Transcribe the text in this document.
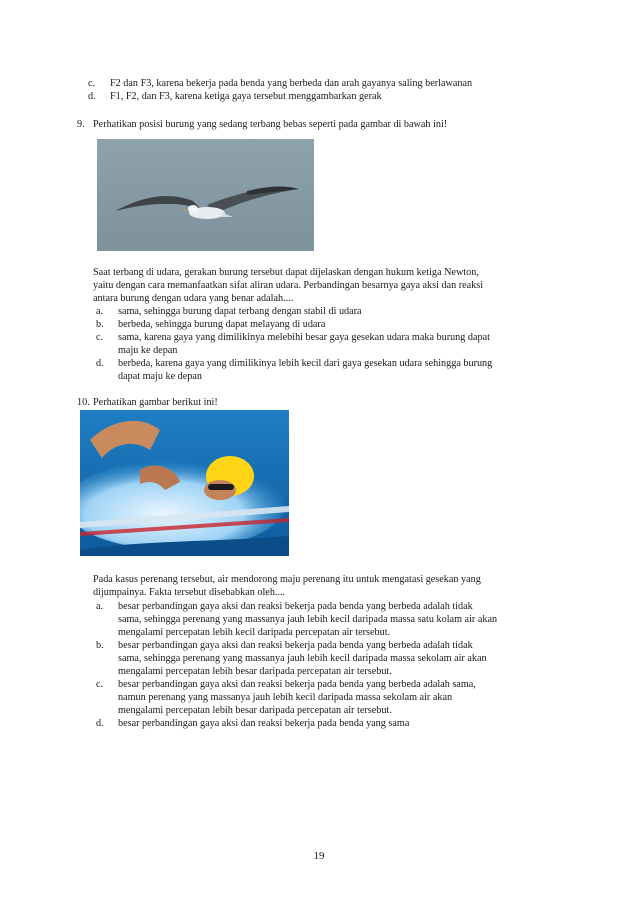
c. F2 dan F3, karena bekerja pada benda yang berbeda dan arah gayanya saling berlawanan
d. F1, F2, dan F3, karena ketiga gaya tersebut menggambarkan gerak
9. Perhatikan posisi burung yang sedang terbang bebas seperti pada gambar di bawah ini!
Saat terbang di udara, gerakan burung tersebut dapat dijelaskan dengan hukum ketiga Newton,
yaitu dengan cara memanfaatkan sifat aliran udara. Perbandingan besarnya gaya aksi dan reaksi
antara burung dengan udara yang benar adalah....
a. sama, sehingga burung dapat terbang dengan stabil di udara
b. berbeda, sehingga burung dapat melayang di udara
c. sama, karena gaya yang dimilikinya melebihi besar gaya gesekan udara maka burung dapat
maju ke depan
d. berbeda, karena gaya yang dimilikinya lebih kecil dari gaya gesekan udara sehingga burung
dapat maju ke depan
10. Perhatikan gambar berikut ini!
Pada kasus perenang tersebut, air mendorong maju perenang itu untuk mengatasi gesekan yang
dijumpainya. Fakta tersebut disebabkan oleh....
a. besar perbandingan gaya aksi dan reaksi bekerja pada benda yang berbeda adalah tidak
sama, sehingga perenang yang massanya jauh lebih kecil daripada massa satu kolam air akan
mengalami percepatan lebih kecil daripada percepatan air tersebut.
b. besar perbandingan gaya aksi dan reaksi bekerja pada benda yang berbeda adalah tidak
sama, sehingga perenang yang massanya jauh lebih kecil daripada massa sekolam air akan
mengalami percepatan lebih besar daripada percepatan air tersebut.
c. besar perbandingan gaya aksi dan reaksi bekerja pada benda yang berbeda adalah sama,
namun perenang yang massanya jauh lebih kecil daripada massa sekolam air akan
mengalami percepatan lebih besar daripada percepatan air tersebut.
d. besar perbandingan gaya aksi dan reaksi bekerja pada benda yang sama
19
